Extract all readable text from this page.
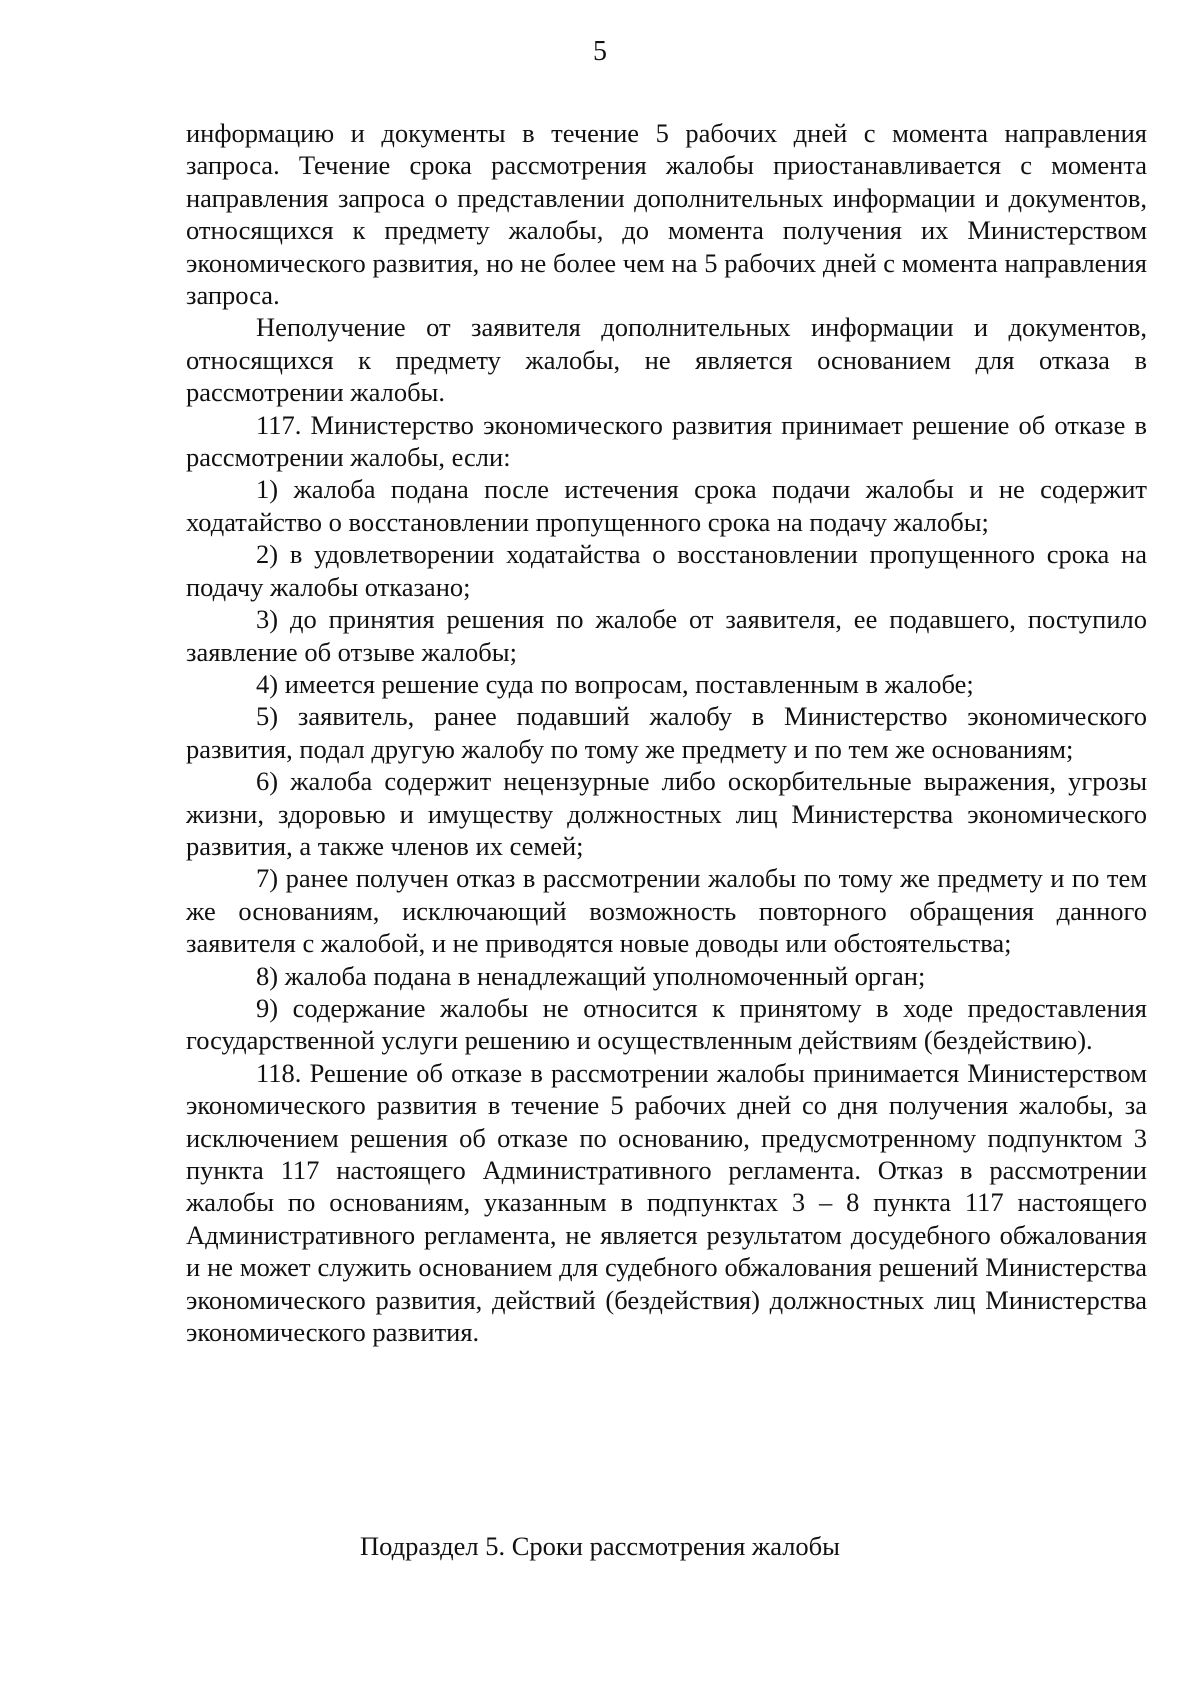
5

информацию и документы в течение 5 рабочих дней с момента направления запроса. Течение срока рассмотрения жалобы приостанавливается с момента направления запроса о представлении дополнительных информации и документов, относящихся к предмету жалобы, до момента получения их Министерством экономического развития, но не более чем на 5 рабочих дней с момента направления запроса.

Неполучение от заявителя дополнительных информации и документов, относящихся к предмету жалобы, не является основанием для отказа в рассмотрении жалобы.

117. Министерство экономического развития принимает решение об отказе в рассмотрении жалобы, если:

1) жалоба подана после истечения срока подачи жалобы и не содержит ходатайство о восстановлении пропущенного срока на подачу жалобы;

2) в удовлетворении ходатайства о восстановлении пропущенного срока на подачу жалобы отказано;

3) до принятия решения по жалобе от заявителя, ее подавшего, поступило заявление об отзыве жалобы;

4) имеется решение суда по вопросам, поставленным в жалобе;

5) заявитель, ранее подавший жалобу в Министерство экономического развития, подал другую жалобу по тому же предмету и по тем же основаниям;

6) жалоба содержит нецензурные либо оскорбительные выражения, угрозы жизни, здоровью и имуществу должностных лиц Министерства экономического развития, а также членов их семей;

7) ранее получен отказ в рассмотрении жалобы по тому же предмету и по тем же основаниям, исключающий возможность повторного обращения данного заявителя с жалобой, и не приводятся новые доводы или обстоятельства;

8) жалоба подана в ненадлежащий уполномоченный орган;

9) содержание жалобы не относится к принятому в ходе предоставления государственной услуги решению и осуществленным действиям (бездействию).

118. Решение об отказе в рассмотрении жалобы принимается Министерством экономического развития в течение 5 рабочих дней со дня получения жалобы, за исключением решения об отказе по основанию, предусмотренному подпунктом 3 пункта 117 настоящего Административного регламента. Отказ в рассмотрении жалобы по основаниям, указанным в подпунктах 3 – 8 пункта 117 настоящего Административного регламента, не является результатом досудебного обжалования и не может служить основанием для судебного обжалования решений Министерства экономического развития, действий (бездействия) должностных лиц Министерства экономического развития.

Подраздел 5. Сроки рассмотрения жалобы
